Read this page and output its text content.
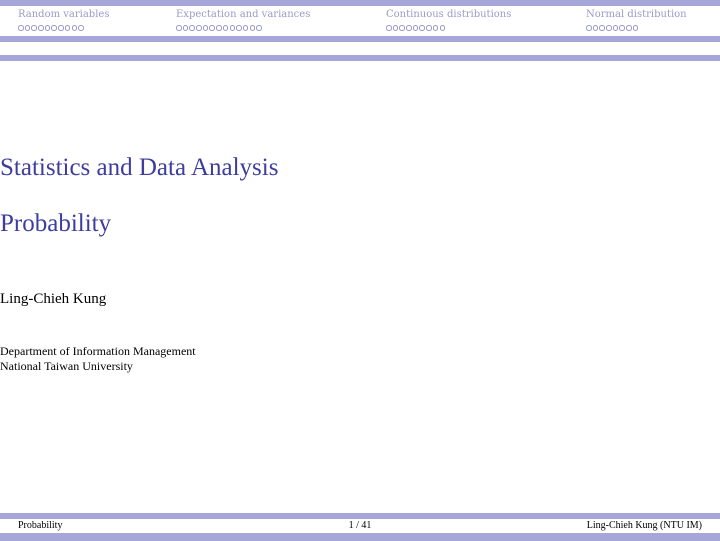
Random variables	Expectation and variances	Continuous distributions	Normal distribution
Statistics and Data Analysis
Probability
Ling-Chieh Kung
Department of Information Management
National Taiwan University
Probability	1 / 41	Ling-Chieh Kung (NTU IM)
